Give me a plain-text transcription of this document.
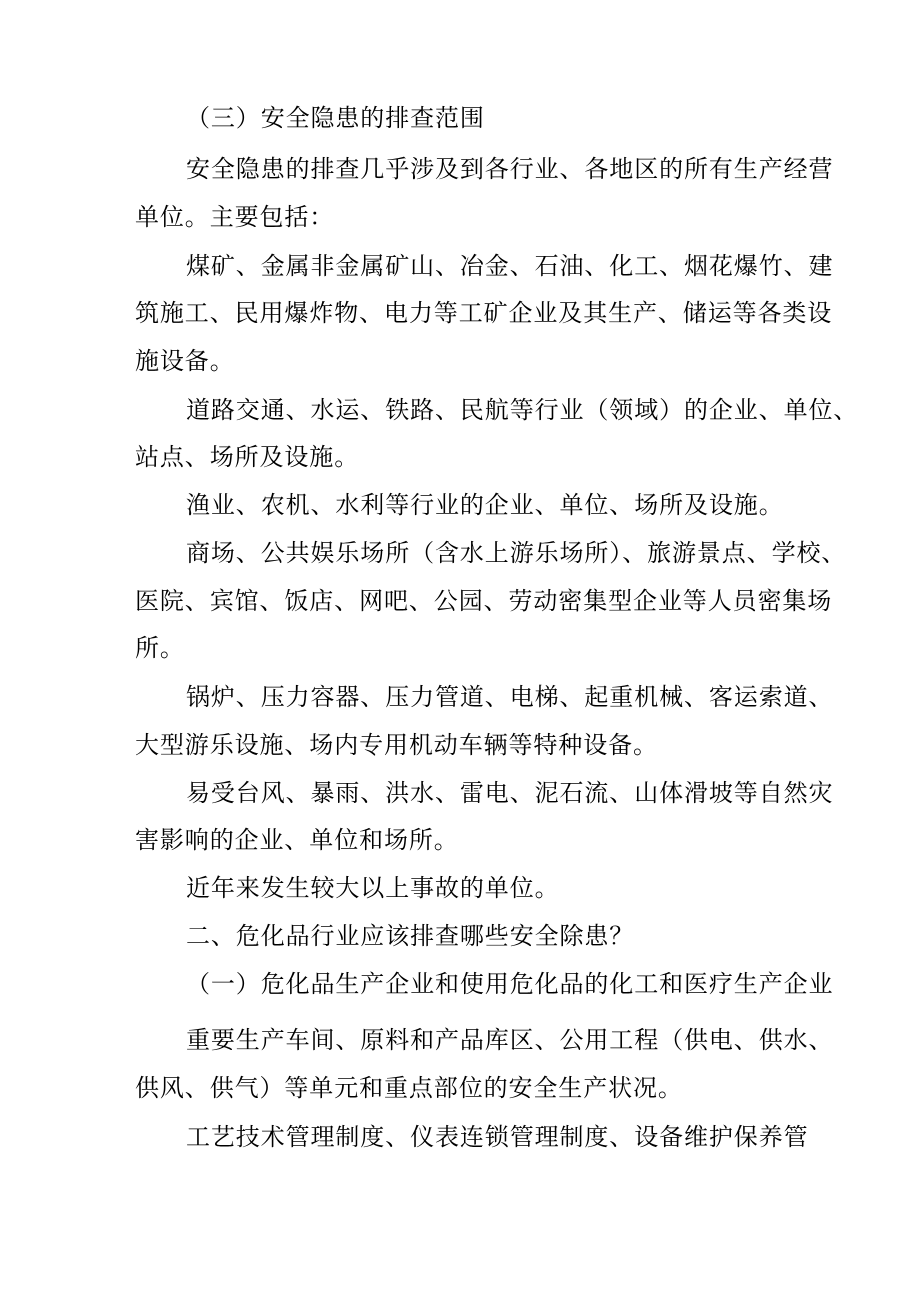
（三）安全隐患的排查范围
安全隐患的排查几乎涉及到各行业、各地区的所有生产经营
单位。主要包括：
煤矿、金属非金属矿山、冶金、石油、化工、烟花爆竹、建
筑施工、民用爆炸物、电力等工矿企业及其生产、储运等各类设
施设备。
道路交通、水运、铁路、民航等行业（领域）的企业、单位、
站点、场所及设施。
渔业、农机、水利等行业的企业、单位、场所及设施。
商场、公共娱乐场所（含水上游乐场所）、旅游景点、学校、
医院、宾馆、饭店、网吧、公园、劳动密集型企业等人员密集场
所。
锅炉、压力容器、压力管道、电梯、起重机械、客运索道、
大型游乐设施、场内专用机动车辆等特种设备。
易受台风、暴雨、洪水、雷电、泥石流、山体滑坡等自然灾
害影响的企业、单位和场所。
近年来发生较大以上事故的单位。
二、危化品行业应该排查哪些安全除患？
（一）危化品生产企业和使用危化品的化工和医疗生产企业
重要生产车间、原料和产品库区、公用工程（供电、供水、
供风、供气）等单元和重点部位的安全生产状况。
工艺技术管理制度、仪表连锁管理制度、设备维护保养管
